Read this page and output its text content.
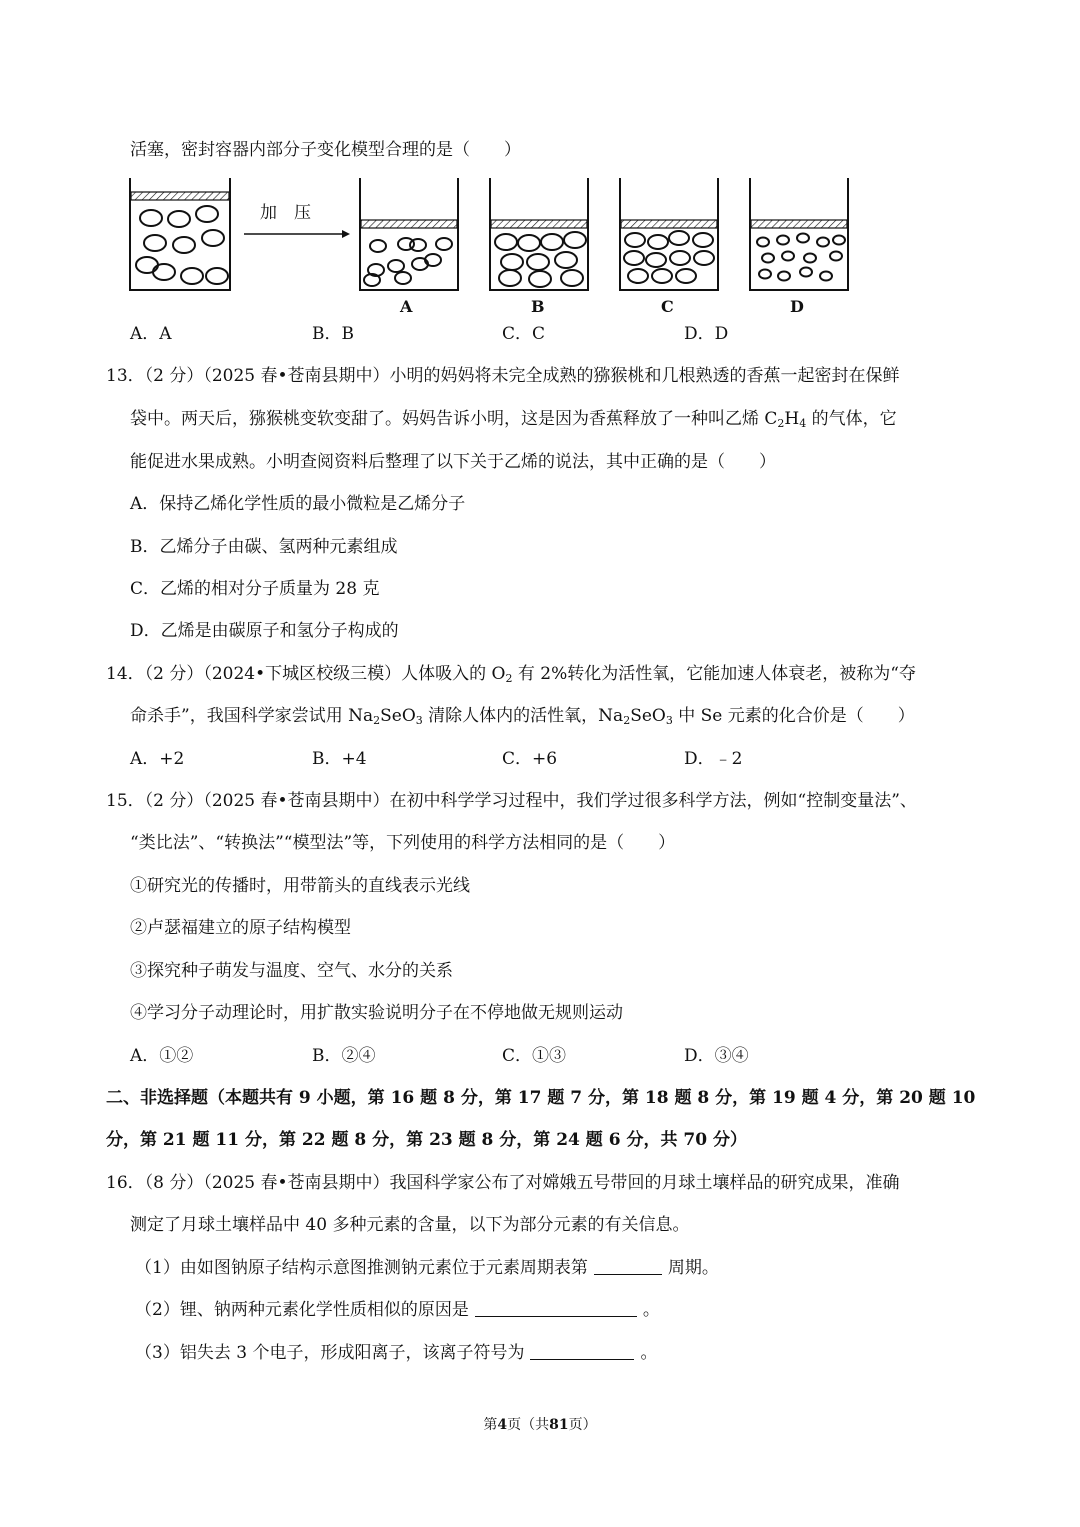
活塞，密封容器内部分子变化模型合理的是（　　）
加　压
A	B	C	D
A．A	B．B	C．C	D．D
13．（2 分）（2025 春•苍南县期中）小明的妈妈将未完全成熟的猕猴桃和几根熟透的香蕉一起密封在保鲜
袋中。两天后，猕猴桃变软变甜了。妈妈告诉小明，这是因为香蕉释放了一种叫乙烯 $C_2H_4$ 的气体，它
能促进水果成熟。小明查阅资料后整理了以下关于乙烯的说法，其中正确的是（　　）
A．保持乙烯化学性质的最小微粒是乙烯分子
B．乙烯分子由碳、氢两种元素组成
C．乙烯的相对分子质量为 28 克
D．乙烯是由碳原子和氢分子构成的
14．（2 分）（2024•下城区校级三模）人体吸入的 $O_2$ 有 2%转化为活性氧，它能加速人体衰老，被称为“夺
命杀手”，我国科学家尝试用 $Na_2SeO_3$ 清除人体内的活性氧，$Na_2SeO_3$ 中 Se 元素的化合价是（　　）
A．+2	B．+4	C．+6	D．﹣2
15．（2 分）（2025 春•苍南县期中）在初中科学学习过程中，我们学过很多科学方法，例如“控制变量法”、
“类比法”、“转换法”“模型法”等，下列使用的科学方法相同的是（　　）
①研究光的传播时，用带箭头的直线表示光线
②卢瑟福建立的原子结构模型
③探究种子萌发与温度、空气、水分的关系
④学习分子动理论时，用扩散实验说明分子在不停地做无规则运动
A．①②	B．②④	C．①③	D．③④
二、非选择题（本题共有 9 小题，第 16 题 8 分，第 17 题 7 分，第 18 题 8 分，第 19 题 4 分，第 20 题 10
分，第 21 题 11 分，第 22 题 8 分，第 23 题 8 分，第 24 题 6 分，共 70 分）
16．（8 分）（2025 春•苍南县期中）我国科学家公布了对嫦娥五号带回的月球土壤样品的研究成果，准确
测定了月球土壤样品中 40 多种元素的含量，以下为部分元素的有关信息。
（1）由如图钠原子结构示意图推测钠元素位于元素周期表第	周期。
（2）锂、钠两种元素化学性质相似的原因是	。
（3）铝失去 3 个电子，形成阳离子，该离子符号为	。
第4页（共81页）
